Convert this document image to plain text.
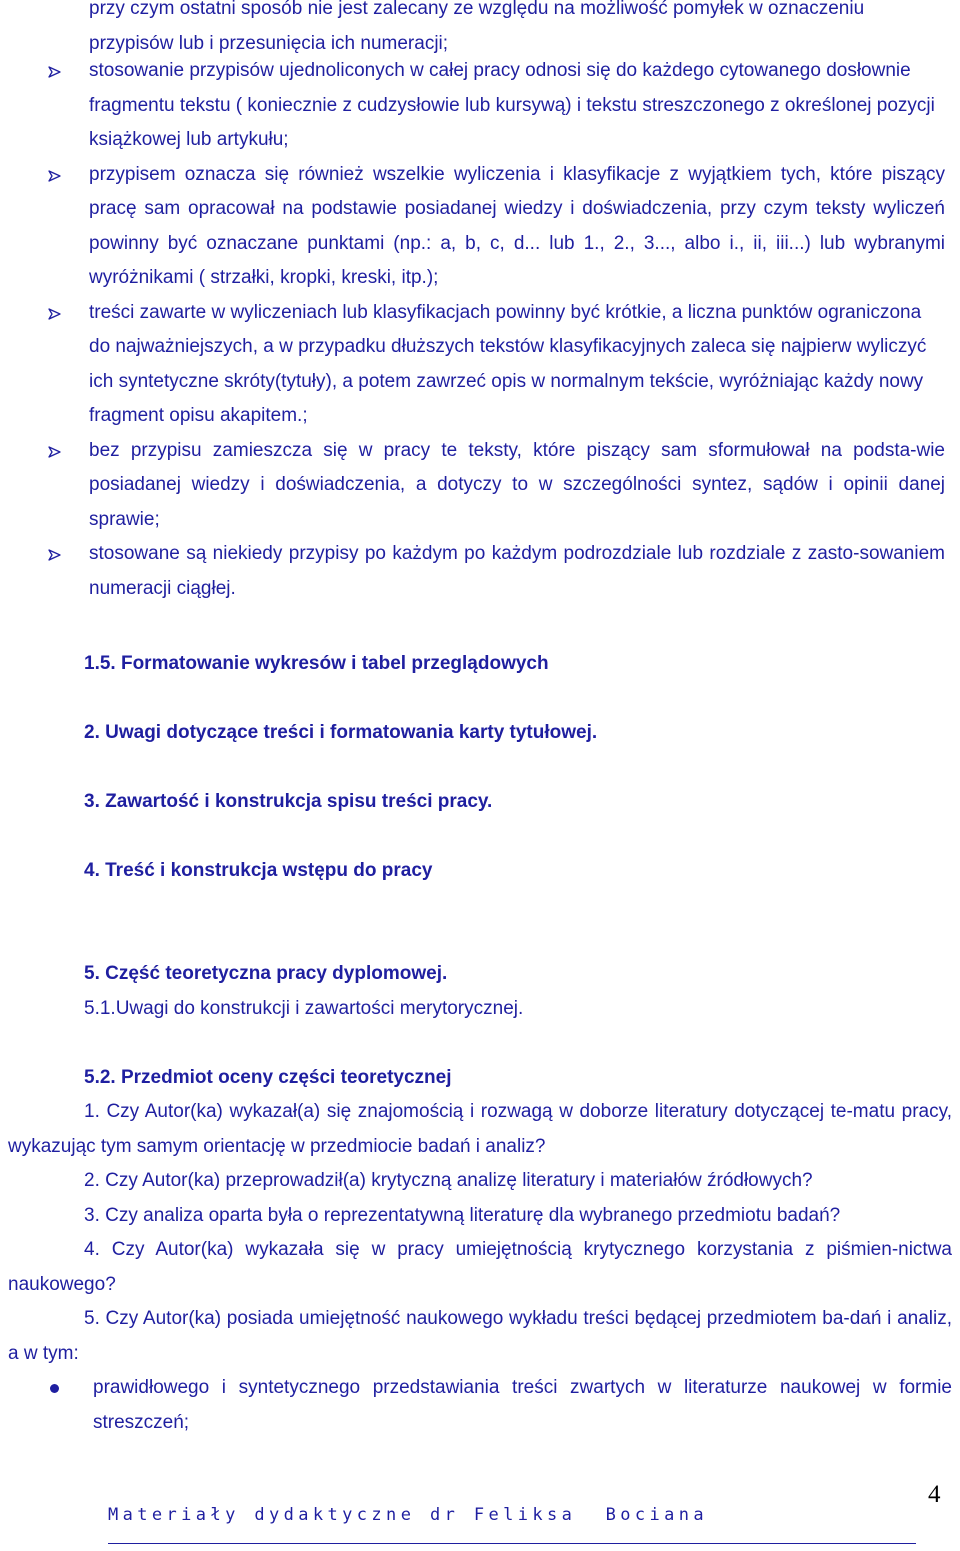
przy czym ostatni sposób nie jest zalecany ze względu na możliwość pomyłek w oznaczeniu przypisów lub i przesunięcia ich numeracji;
stosowanie przypisów ujednoliconych w całej pracy odnosi się do każdego cytowanego dosłownie fragmentu tekstu ( koniecznie z cudzysłowie lub kursywą) i tekstu streszczonego z określonej pozycji książkowej lub artykułu;
przypisem oznacza się również wszelkie wyliczenia i klasyfikacje z wyjątkiem tych, które piszący pracę sam opracował na podstawie posiadanej wiedzy i doświadczenia, przy czym teksty wyliczeń powinny być oznaczane punktami (np.: a, b, c, d... lub 1., 2., 3..., albo i., ii, iii...) lub wybranymi wyróżnikami ( strzałki, kropki, kreski, itp.);
treści zawarte w wyliczeniach lub klasyfikacjach powinny być krótkie, a liczna punktów ograniczona do najważniejszych, a w przypadku dłuższych tekstów klasyfikacyjnych zaleca się najpierw wyliczyć ich syntetyczne skróty(tytuły), a potem zawrzeć opis w normalnym tekście, wyróżniając każdy nowy fragment opisu akapitem.;
bez przypisu zamieszcza się w pracy te teksty, które piszący sam sformułował na podsta-wie posiadanej wiedzy i doświadczenia, a dotyczy to w szczególności syntez, sądów i opinii danej sprawie;
stosowane są niekiedy przypisy po każdym po każdym podrozdziale lub rozdziale z zasto-sowaniem numeracji ciągłej.
1.5. Formatowanie wykresów i tabel przeglądowych
2. Uwagi dotyczące treści i formatowania karty tytułowej.
3. Zawartość i konstrukcja spisu treści pracy.
4. Treść i konstrukcja wstępu do pracy
5. Część teoretyczna pracy dyplomowej.
5.1.Uwagi do konstrukcji i zawartości merytorycznej.
5.2. Przedmiot oceny części teoretycznej
1. Czy Autor(ka) wykazał(a) się znajomością i rozwagą w doborze literatury dotyczącej te-matu pracy, wykazując tym samym orientację w przedmiocie badań i analiz?
2. Czy Autor(ka) przeprowadził(a) krytyczną analizę literatury i materiałów źródłowych?
3. Czy analiza oparta była o reprezentatywną literaturę dla wybranego przedmiotu badań?
4. Czy Autor(ka) wykazała się w pracy umiejętnością krytycznego korzystania z piśmien-nictwa naukowego?
5. Czy Autor(ka) posiada umiejętność naukowego wykładu treści będącej przedmiotem ba-dań i analiz, a w tym:
prawidłowego i syntetycznego przedstawiania treści zwartych w literaturze naukowej w formie streszczeń;
4
Materiały dydaktyczne dr Feliksa  Bociana
